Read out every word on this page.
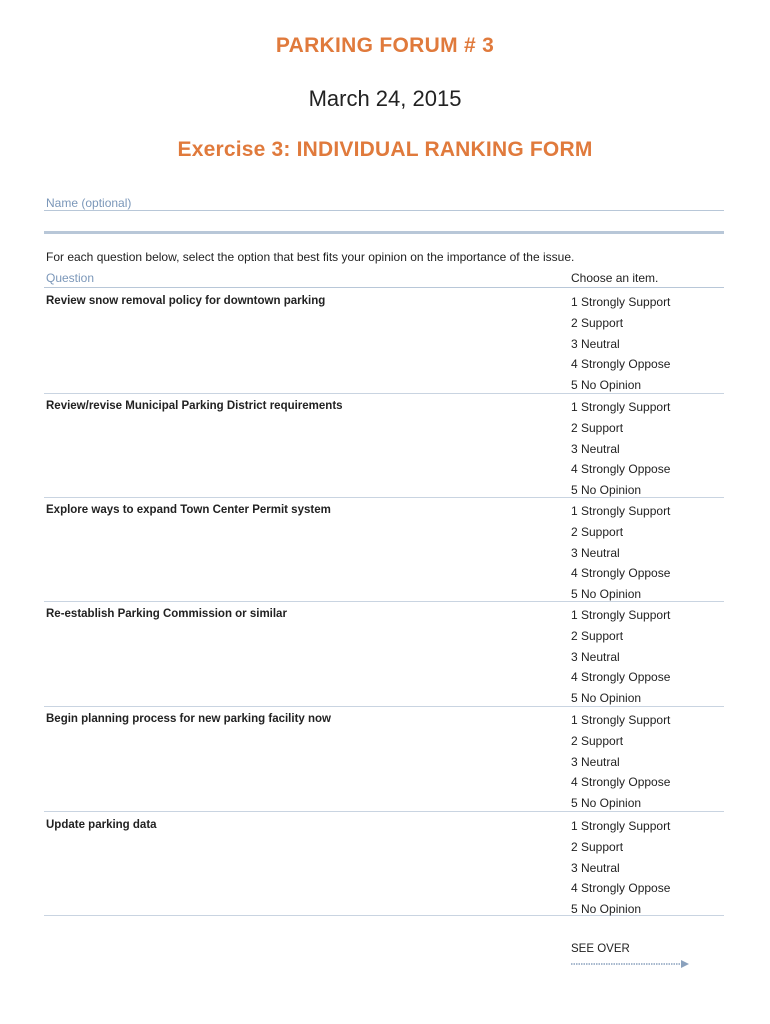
PARKING FORUM # 3
March 24, 2015
Exercise 3: INDIVIDUAL RANKING FORM
Name (optional)
For each question below, select the option that best fits your opinion on the importance of the issue.
Question	Choose an item.
Review snow removal policy for downtown parking	1 Strongly Support
2 Support
3 Neutral
4 Strongly Oppose
5 No Opinion
Review/revise Municipal Parking District requirements	1 Strongly Support
2 Support
3 Neutral
4 Strongly Oppose
5 No Opinion
Explore ways to expand Town Center Permit system	1 Strongly Support
2 Support
3 Neutral
4 Strongly Oppose
5 No Opinion
Re-establish Parking Commission or similar	1 Strongly Support
2 Support
3 Neutral
4 Strongly Oppose
5 No Opinion
Begin planning process for new parking facility now	1 Strongly Support
2 Support
3 Neutral
4 Strongly Oppose
5 No Opinion
Update parking data	1 Strongly Support
2 Support
3 Neutral
4 Strongly Oppose
5 No Opinion
SEE OVER
